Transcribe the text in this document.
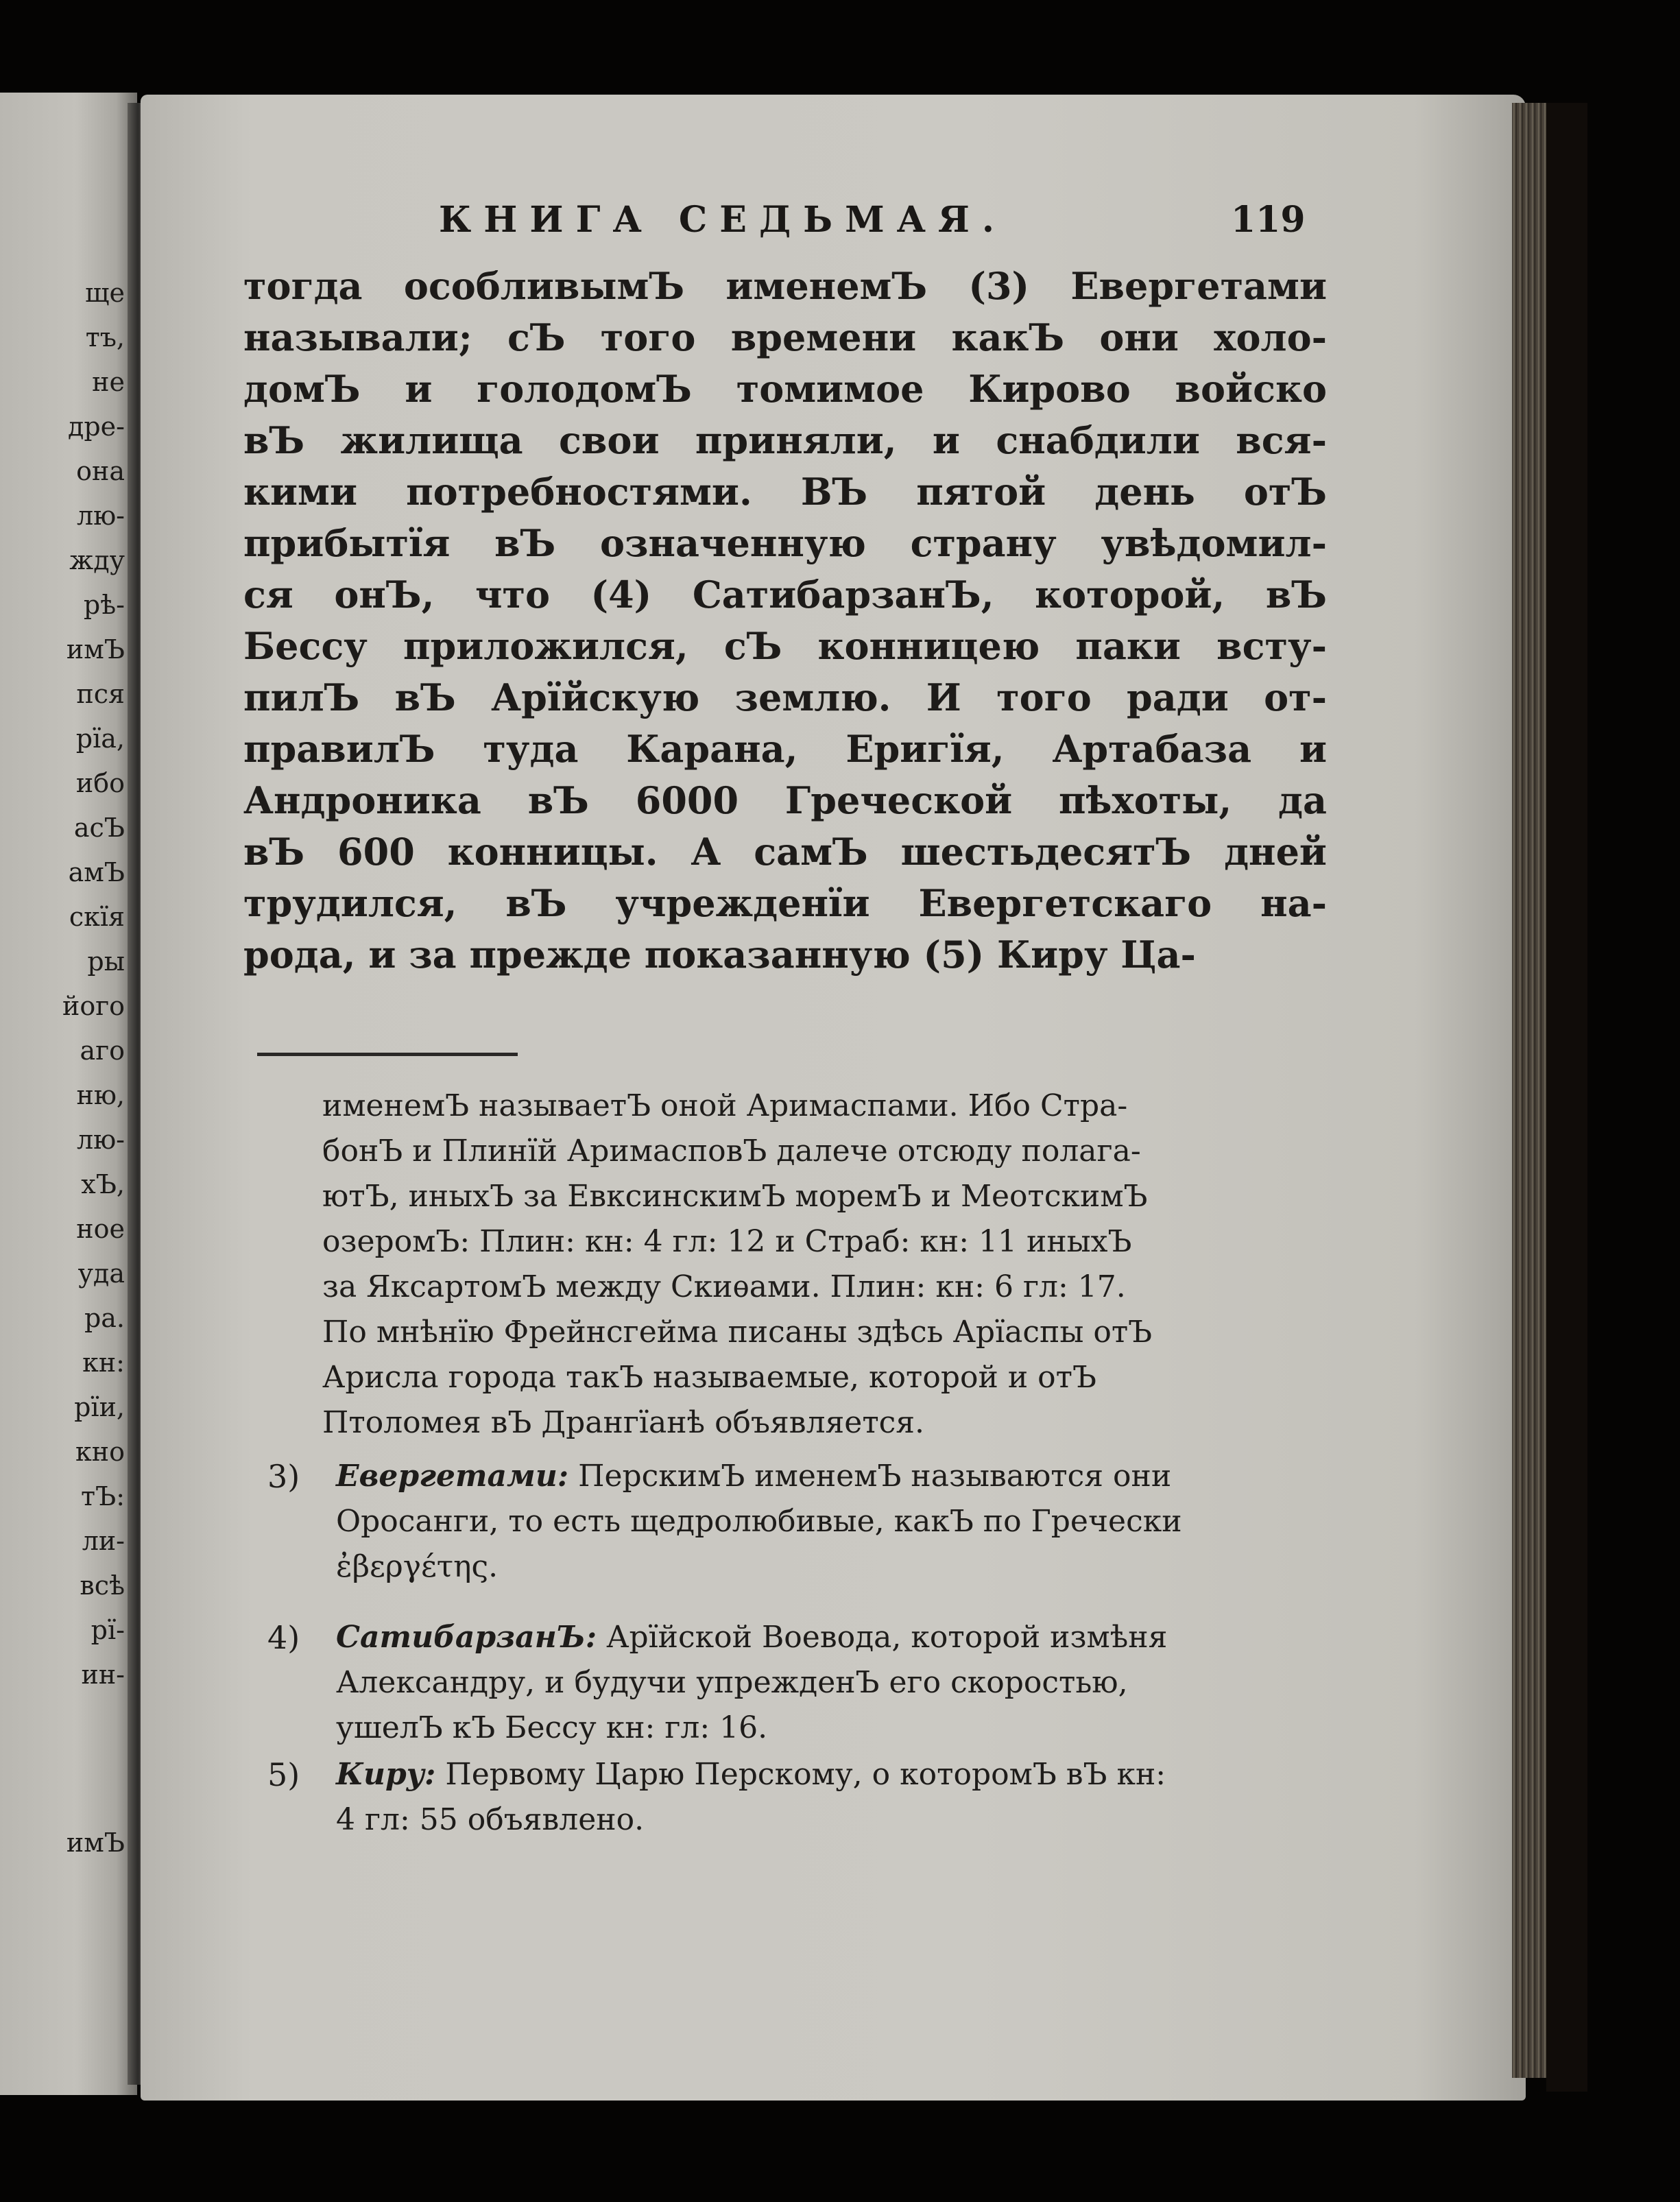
ще
тъ,
не
дре-
она
лю-
жду
рѣ-
имЪ
пся
рїа,
ибо
асЪ
амЪ
скїя
ры
його
аго
ню,
лю-
хЪ,
ное
уда
ра.
кн:
рїи,
кно
тЪ:
ли-
всѣ
рї-
ин-
имЪ
КНИГА СЕДЬМАЯ.	119
тогда особливымЪ именемЪ (3) Евергетами
называли; сЪ того времени какЪ они холо-
домЪ и голодомЪ томимое Кирово войско
вЪ жилища свои приняли, и снабдили вся-
кими потребностями. ВЪ пятой день отЪ
прибытїя вЪ означенную страну увѣдомил-
ся онЪ, что (4) СатибарзанЪ, которой, вЪ
Бессу приложился, сЪ конницею паки всту-
пилЪ вЪ Арїйскую землю. И того ради от-
правилЪ туда Карана, Еригїя, Артабаза и
Андроника вЪ 6000 Греческой пѣхоты, да
вЪ 600 конницы. А самЪ шестьдесятЪ дней
трудился, вЪ учрежденїи Евергетскаго на-
рода, и за прежде показанную (5) Киру Ца-
именемЪ называетЪ оной Аримаспами. Ибо Стра-
бонЪ и Плинїй АримасповЪ далече отсюду полага-
ютЪ, иныхЪ за ЕвксинскимЪ моремЪ и МеотскимЪ
озеромЪ: Плин: кн: 4 гл: 12 и Страб: кн: 11 иныхЪ
за ЯксартомЪ между Скиѳами. Плин: кн: 6 гл: 17.
По мнѣнїю Фрейнсгейма писаны здѣсь Арїаспы отЪ
Арисла города такЪ называемые, которой и отЪ
Птоломея вЪ Дрангїанѣ объявляется.
3) Евергетами: ПерскимЪ именемЪ называются они
Оросанги, то есть щедролюбивые, какЪ по Гречески
ἐβεργέτης.
4) СатибарзанЪ: Арїйской Воевода, которой измѣня
Александру, и будучи упрежденЪ его скоростью,
ушелЪ кЪ Бессу кн: гл: 16.
5) Киру: Первому Царю Перскому, о которомЪ вЪ кн:
4 гл: 55 объявлено.
